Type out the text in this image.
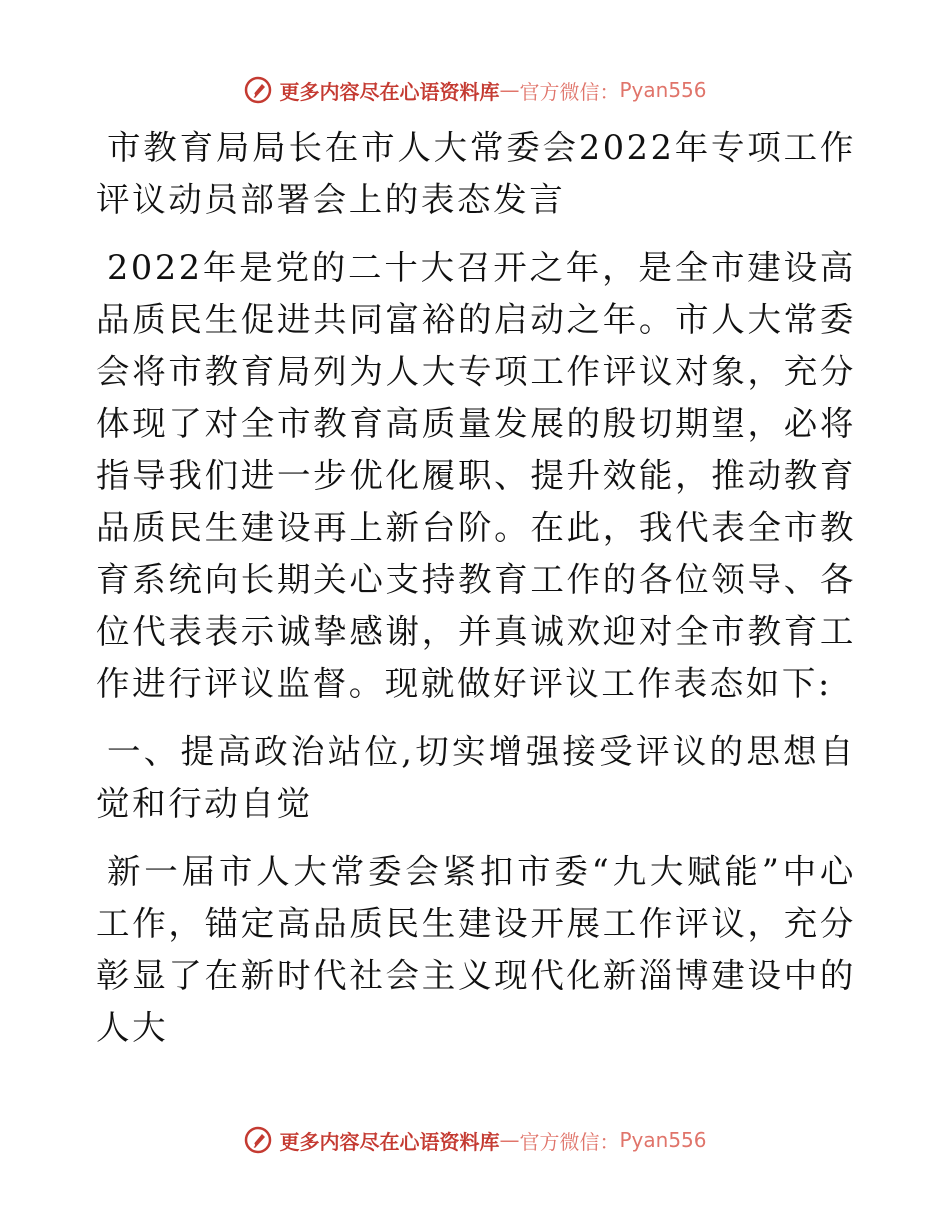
更多内容尽在心语资料库 — 官方微信： Pyan556

市教育局局长在市人大常委会2022年专项工作评议动员部署会上的表态发言

2022年是党的二十大召开之年，是全市建设高品质民生促进共同富裕的启动之年。市人大常委会将市教育局列为人大专项工作评议对象，充分体现了对全市教育高质量发展的殷切期望，必将指导我们进一步优化履职、提升效能，推动教育品质民生建设再上新台阶。在此，我代表全市教育系统向长期关心支持教育工作的各位领导、各位代表表示诚挚感谢，并真诚欢迎对全市教育工作进行评议监督。现就做好评议工作表态如下:

一、提高政治站位,切实增强接受评议的思想自觉和行动自觉

新一届市人大常委会紧扣市委“九大赋能”中心工作，锚定高品质民生建设开展工作评议，充分彰显了在新时代社会主义现代化新淄博建设中的人大

更多内容尽在心语资料库 — 官方微信： Pyan556
